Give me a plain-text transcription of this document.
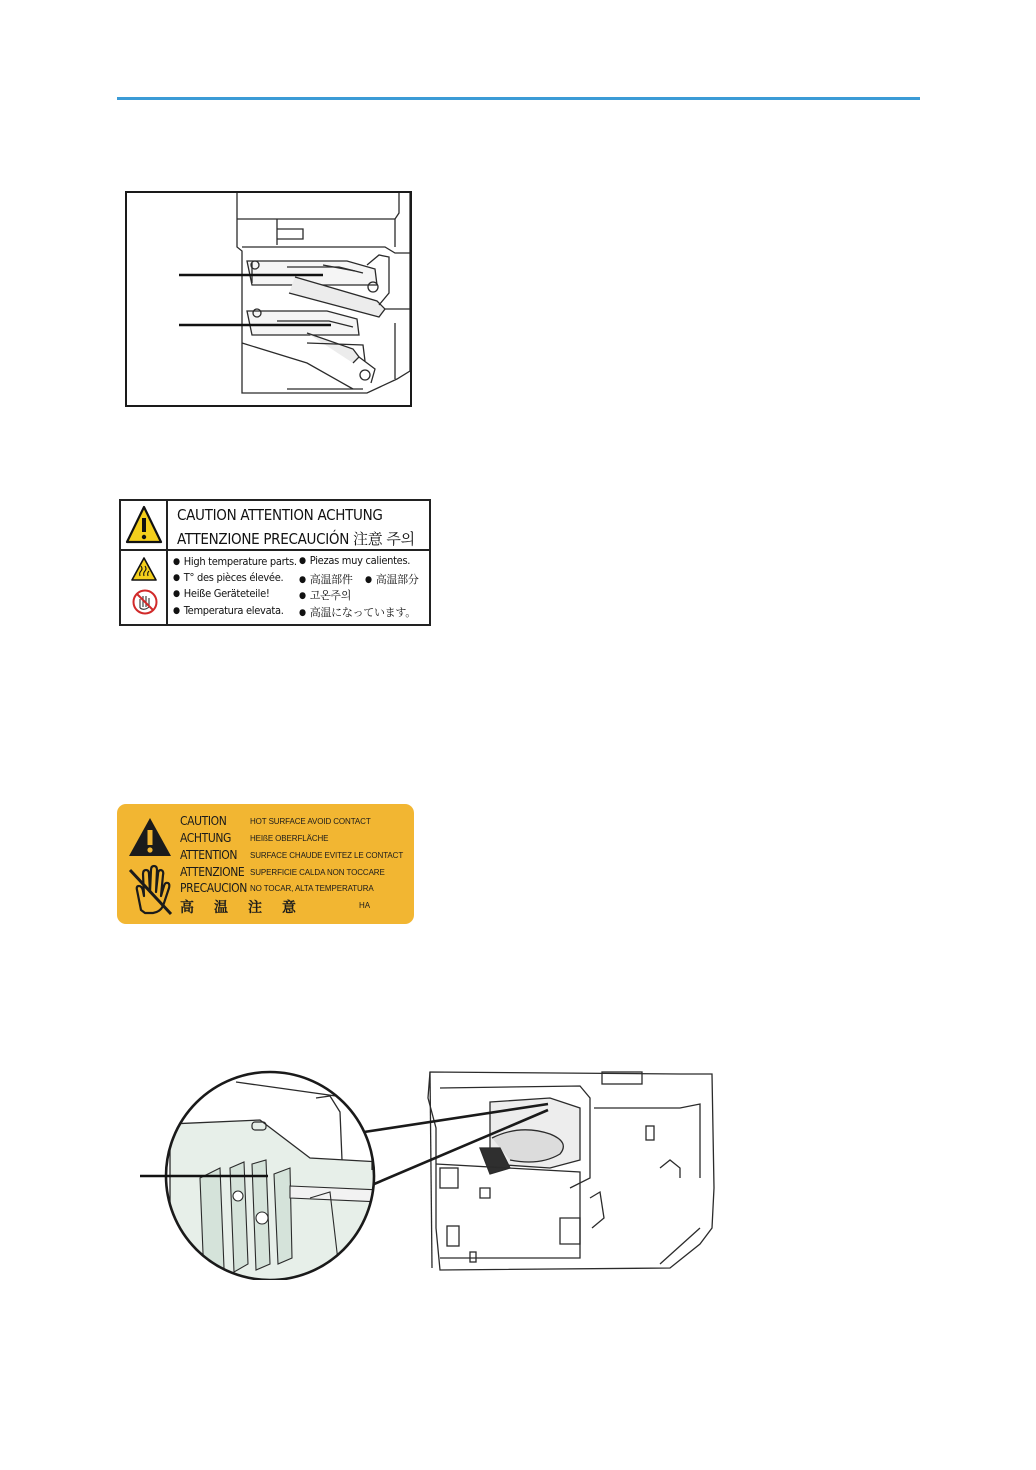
CAUTION ATTENTION ACHTUNG
ATTENZIONE PRECAUCIÓN 注意 주의
● High temperature parts.
● T° des pièces élevée.
● Heiße Geräteteile!
● Temperatura elevata.
● Piezas muy calientes.
● 高温部件
●	高温部分
● 고온주의
● 高温になっています。
CAUTION
ACHTUNG
ATTENTION
ATTENZIONE
PRECAUCION
HOT SURFACE AVOID CONTACT
HEIßE OBERFLÄCHE
SURFACE CHAUDE EVITEZ LE CONTACT
SUPERFICIE CALDA NON TOCCARE
NO TOCAR, ALTA TEMPERATURA
高温注意	HA
